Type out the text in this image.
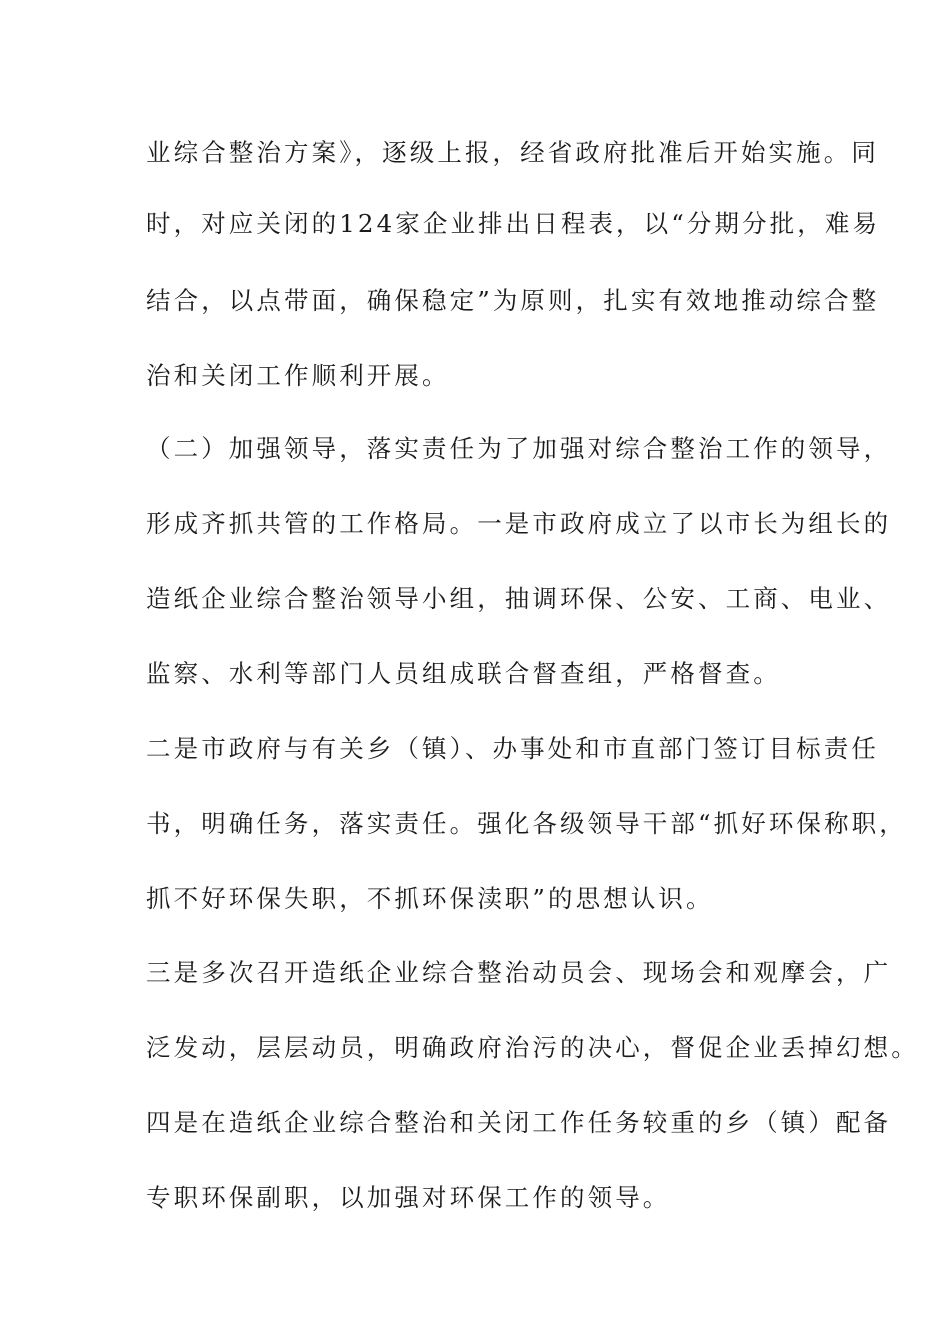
业综合整治方案》，逐级上报，经省政府批准后开始实施。同
时，对应关闭的124家企业排出日程表，以“分期分批，难易
结合，以点带面，确保稳定”为原则，扎实有效地推动综合整
治和关闭工作顺利开展。
（二）加强领导，落实责任为了加强对综合整治工作的领导，
形成齐抓共管的工作格局。一是市政府成立了以市长为组长的
造纸企业综合整治领导小组，抽调环保、公安、工商、电业、
监察、水利等部门人员组成联合督查组，严格督查。
二是市政府与有关乡（镇）、办事处和市直部门签订目标责任
书，明确任务，落实责任。强化各级领导干部“抓好环保称职，
抓不好环保失职，不抓环保渎职”的思想认识。
三是多次召开造纸企业综合整治动员会、现场会和观摩会，广
泛发动，层层动员，明确政府治污的决心，督促企业丢掉幻想。
四是在造纸企业综合整治和关闭工作任务较重的乡（镇）配备
专职环保副职，以加强对环保工作的领导。
